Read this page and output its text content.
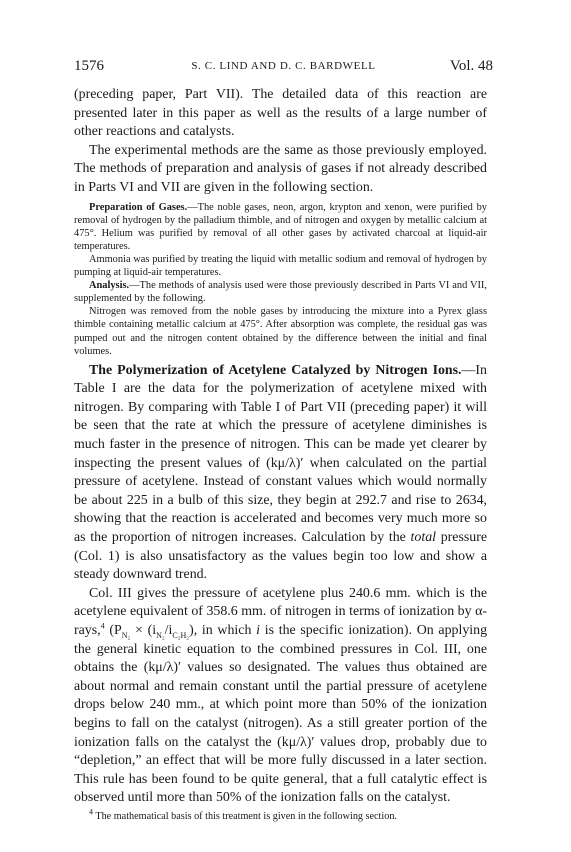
1576	S. C. LIND AND D. C. BARDWELL	Vol. 48

(preceding paper, Part VII). The detailed data of this reaction are presented later in this paper as well as the results of a large number of other reactions and catalysts.

The experimental methods are the same as those previously employed. The methods of preparation and analysis of gases if not already described in Parts VI and VII are given in the following section.

Preparation of Gases.—The noble gases, neon, argon, krypton and xenon, were purified by removal of hydrogen by the palladium thimble, and of nitrogen and oxygen by metallic calcium at 475°. Helium was purified by removal of all other gases by activated charcoal at liquid-air temperatures.

Ammonia was purified by treating the liquid with metallic sodium and removal of hydrogen by pumping at liquid-air temperatures.

Analysis.—The methods of analysis used were those previously described in Parts VI and VII, supplemented by the following.

Nitrogen was removed from the noble gases by introducing the mixture into a Pyrex glass thimble containing metallic calcium at 475°. After absorption was complete, the residual gas was pumped out and the nitrogen content obtained by the difference between the initial and final volumes.

The Polymerization of Acetylene Catalyzed by Nitrogen Ions.—In Table I are the data for the polymerization of acetylene mixed with nitrogen. By comparing with Table I of Part VII (preceding paper) it will be seen that the rate at which the pressure of acetylene diminishes is much faster in the presence of nitrogen. This can be made yet clearer by inspecting the present values of (kμ/λ)′ when calculated on the partial pressure of acetylene. Instead of constant values which would normally be about 225 in a bulb of this size, they begin at 292.7 and rise to 2634, showing that the reaction is accelerated and becomes very much more so as the proportion of nitrogen increases. Calculation by the total pressure (Col. 1) is also unsatisfactory as the values begin too low and show a steady downward trend.

Col. III gives the pressure of acetylene plus 240.6 mm. which is the acetylene equivalent of 358.6 mm. of nitrogen in terms of ionization by α-rays,$^4$ ($P_{N_2} \times (i_{N_2}/i_{C_2H_2})$, in which i is the specific ionization). On applying the general kinetic equation to the combined pressures in Col. III, one obtains the (kμ/λ)′ values so designated. The values thus obtained are about normal and remain constant until the partial pressure of acetylene drops below 240 mm., at which point more than 50% of the ionization begins to fall on the catalyst (nitrogen). As a still greater portion of the ionization falls on the catalyst the (kμ/λ)′ values drop, probably due to “depletion,” an effect that will be more fully discussed in a later section. This rule has been found to be quite general, that a full catalytic effect is observed until more than 50% of the ionization falls on the catalyst.

$^4$ The mathematical basis of this treatment is given in the following section.
